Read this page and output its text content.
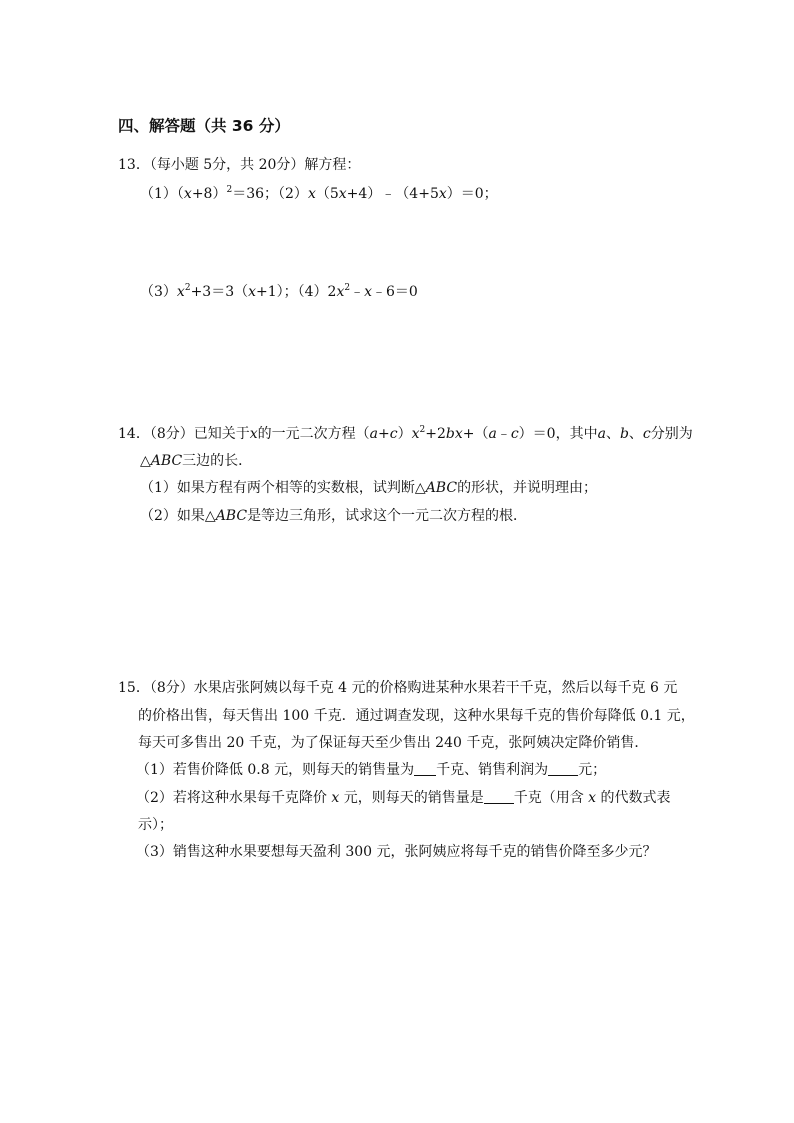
四、解答题（共 36 分）
13．（每小题 5分，共 20分）解方程：
$(1)(x+8)^2=36$；（2）x（5x+4）﹣（4+5x）＝0；
$(3)x^2+3=3(x+1)$；$(4)2x^2﹣x﹣6=0$
14．（8分）已知关于x的一元二次方程$(a+c)x^2+2bx+(a﹣c)=0$，其中a、b、c分别为
△ABC三边的长．
（1）如果方程有两个相等的实数根，试判断△ABC的形状，并说明理由；
（2）如果△ABC是等边三角形，试求这个一元二次方程的根．
15．（8分）水果店张阿姨以每千克 4 元的价格购进某种水果若干千克，然后以每千克 6 元
的价格出售，每天售出 100 千克．通过调查发现，这种水果每千克的售价每降低 0.1 元，
每天可多售出 20 千克，为了保证每天至少售出 240 千克，张阿姨决定降价销售．
（1）若售价降低 0.8 元，则每天的销售量为 千克、销售利润为 元；
（2）若将这种水果每千克降价 x 元，则每天的销售量是 千克（用含 x 的代数式表
示）；
（3）销售这种水果要想每天盈利 300 元，张阿姨应将每千克的销售价降至多少元？
